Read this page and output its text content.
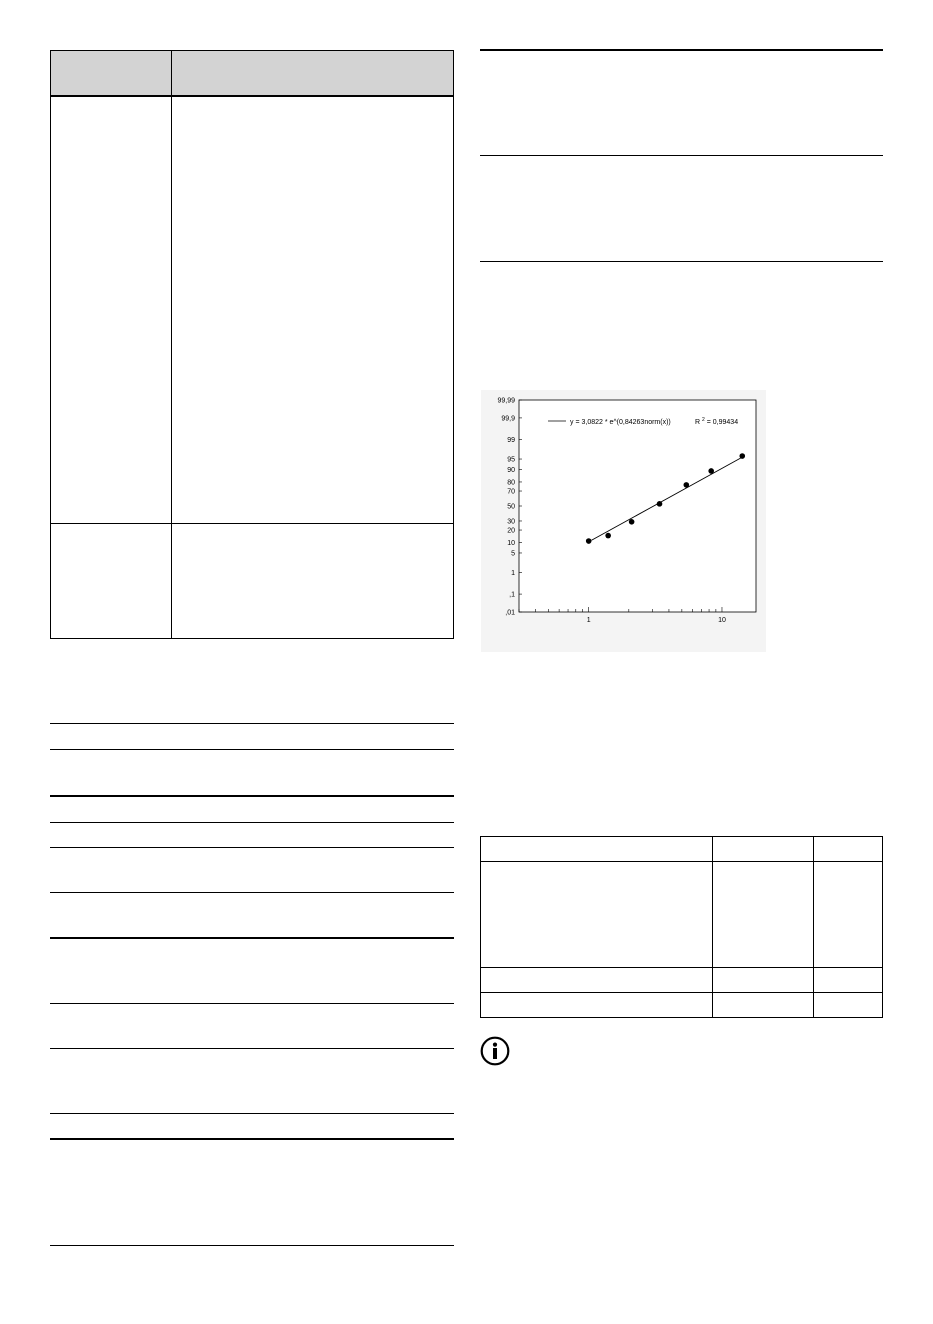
99,99
99,9
99
95
90
80
70
50
30
20
10
5
1
,1
,01
1	10
y = 3,0822 * e^(0,84263norm(x))	R $^2$ = 0,99434
